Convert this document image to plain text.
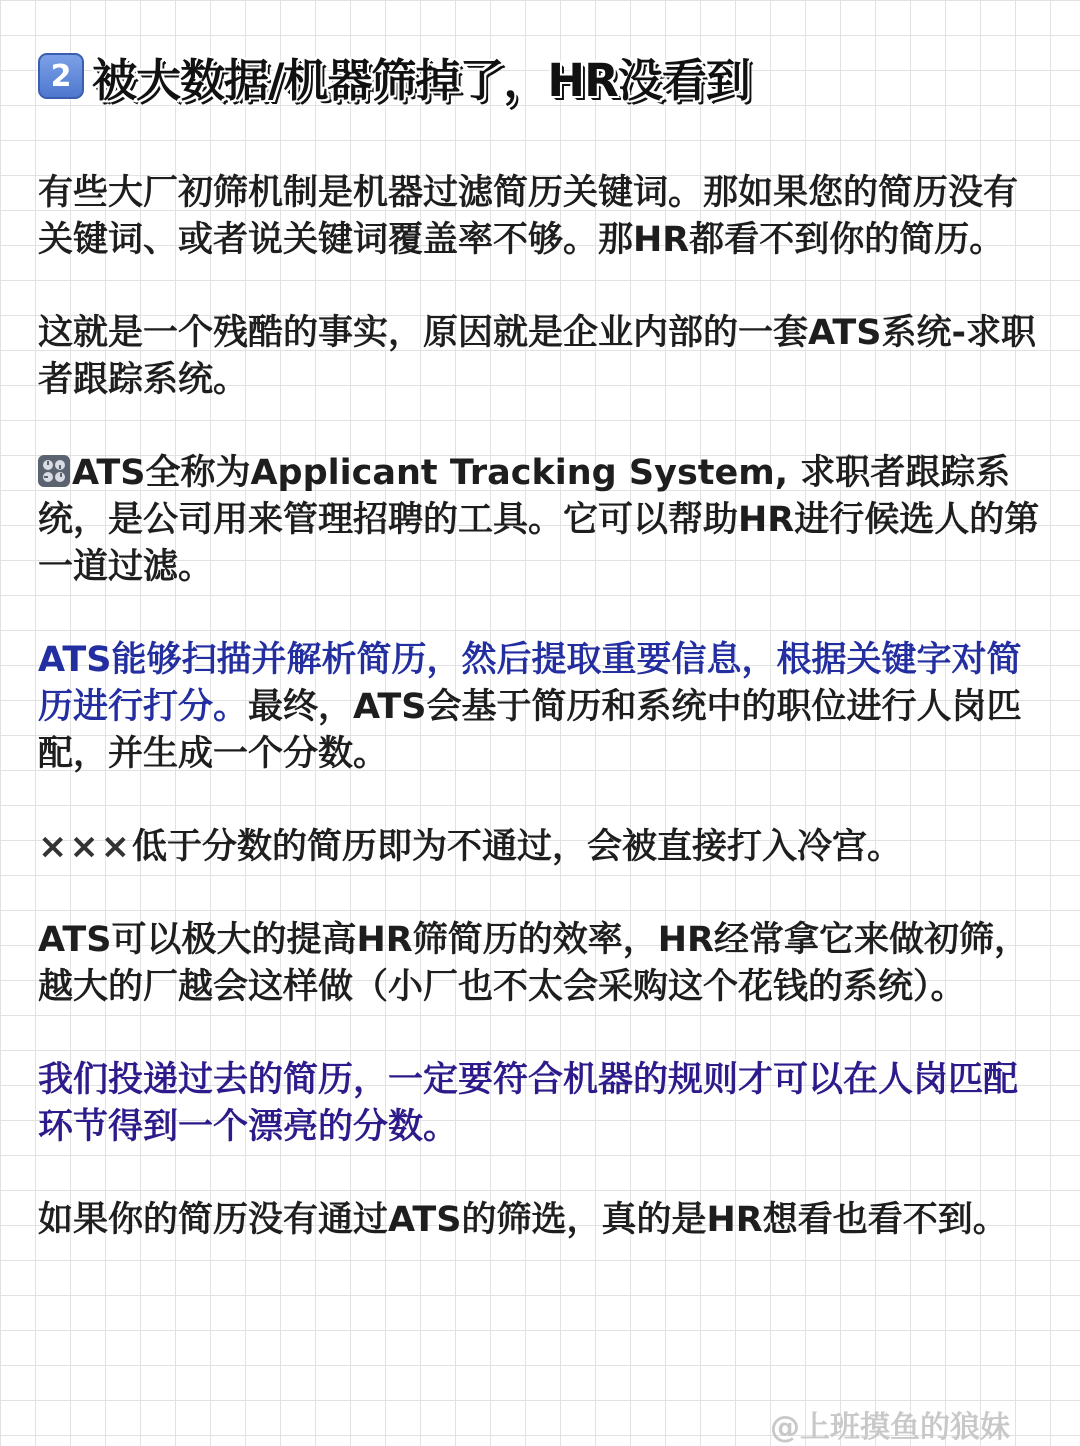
2 被大数据/机器筛掉了，HR没看到

有些大厂初筛机制是机器过滤简历关键词。那如果您的简历没有关键词、或者说关键词覆盖率不够。那HR都看不到你的简历。

这就是一个残酷的事实，原因就是企业内部的一套ATS系统-求职者跟踪系统。

ATS全称为Applicant Tracking System, 求职者跟踪系统，是公司用来管理招聘的工具。它可以帮助HR进行候选人的第一道过滤。

ATS能够扫描并解析简历，然后提取重要信息，根据关键字对简历进行打分。最终，ATS会基于简历和系统中的职位进行人岗匹配，并生成一个分数。

×××低于分数的简历即为不通过，会被直接打入冷宫。

ATS可以极大的提高HR筛简历的效率，HR经常拿它来做初筛，越大的厂越会这样做（小厂也不太会采购这个花钱的系统）。

我们投递过去的简历，一定要符合机器的规则才可以在人岗匹配环节得到一个漂亮的分数。

如果你的简历没有通过ATS的筛选，真的是HR想看也看不到。

@上班摸鱼的狼妹
